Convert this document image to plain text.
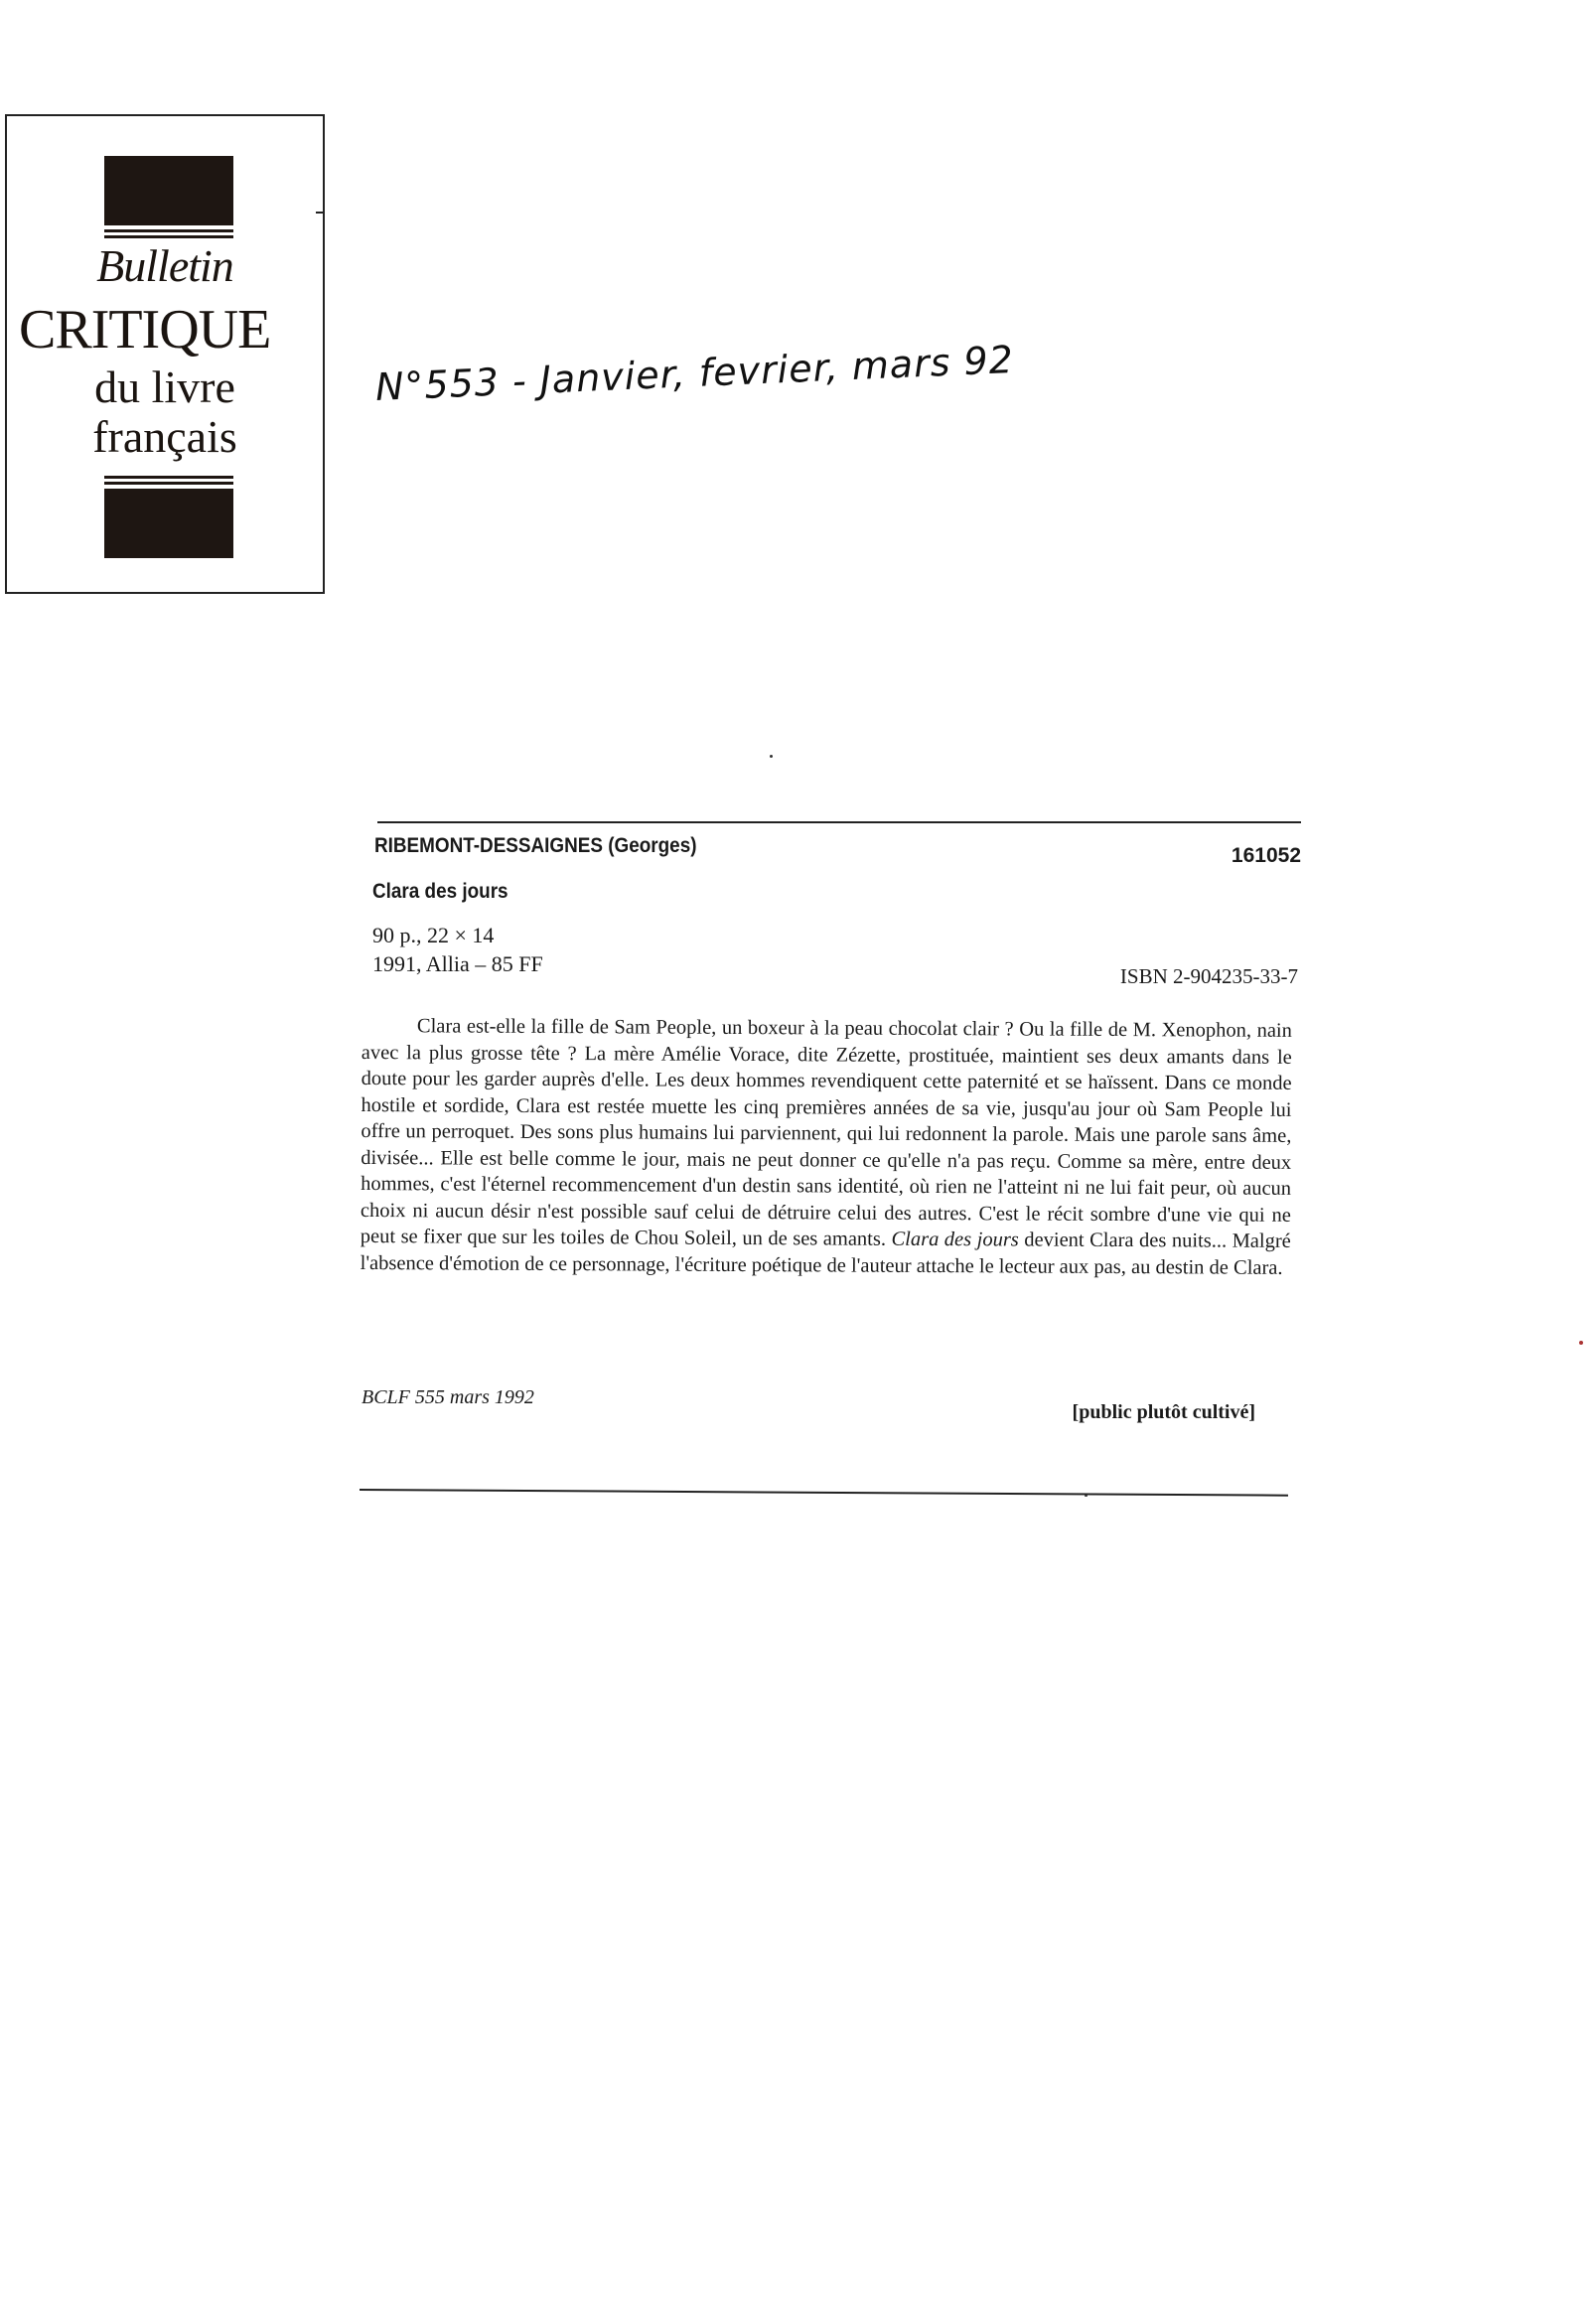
Bulletin
CRITIQUE
du livre
français
N°553 - Janvier, fevrier, mars 92
RIBEMONT-DESSAIGNES (Georges)	161052
Clara des jours
90 p., 22 × 14
1991, Allia – 85 FF	ISBN 2-904235-33-7

Clara est-elle la fille de Sam People, un boxeur à la peau chocolat clair ? Ou la fille de M. Xenophon, nain avec la plus grosse tête ? La mère Amélie Vorace, dite Zézette, prostituée, maintient ses deux amants dans le doute pour les garder auprès d'elle. Les deux hommes revendiquent cette paternité et se haïssent. Dans ce monde hostile et sordide, Clara est restée muette les cinq premières années de sa vie, jusqu'au jour où Sam People lui offre un perroquet. Des sons plus humains lui parviennent, qui lui redonnent la parole. Mais une parole sans âme, divisée... Elle est belle comme le jour, mais ne peut donner ce qu'elle n'a pas reçu. Comme sa mère, entre deux hommes, c'est l'éternel recommencement d'un destin sans identité, où rien ne l'atteint ni ne lui fait peur, où aucun choix ni aucun désir n'est possible sauf celui de détruire celui des autres. C'est le récit sombre d'une vie qui ne peut se fixer que sur les toiles de Chou Soleil, un de ses amants. Clara des jours devient Clara des nuits... Malgré l'absence d'émotion de ce personnage, l'écriture poétique de l'auteur attache le lecteur aux pas, au destin de Clara.

BCLF 555 mars 1992
[public plutôt cultivé]
